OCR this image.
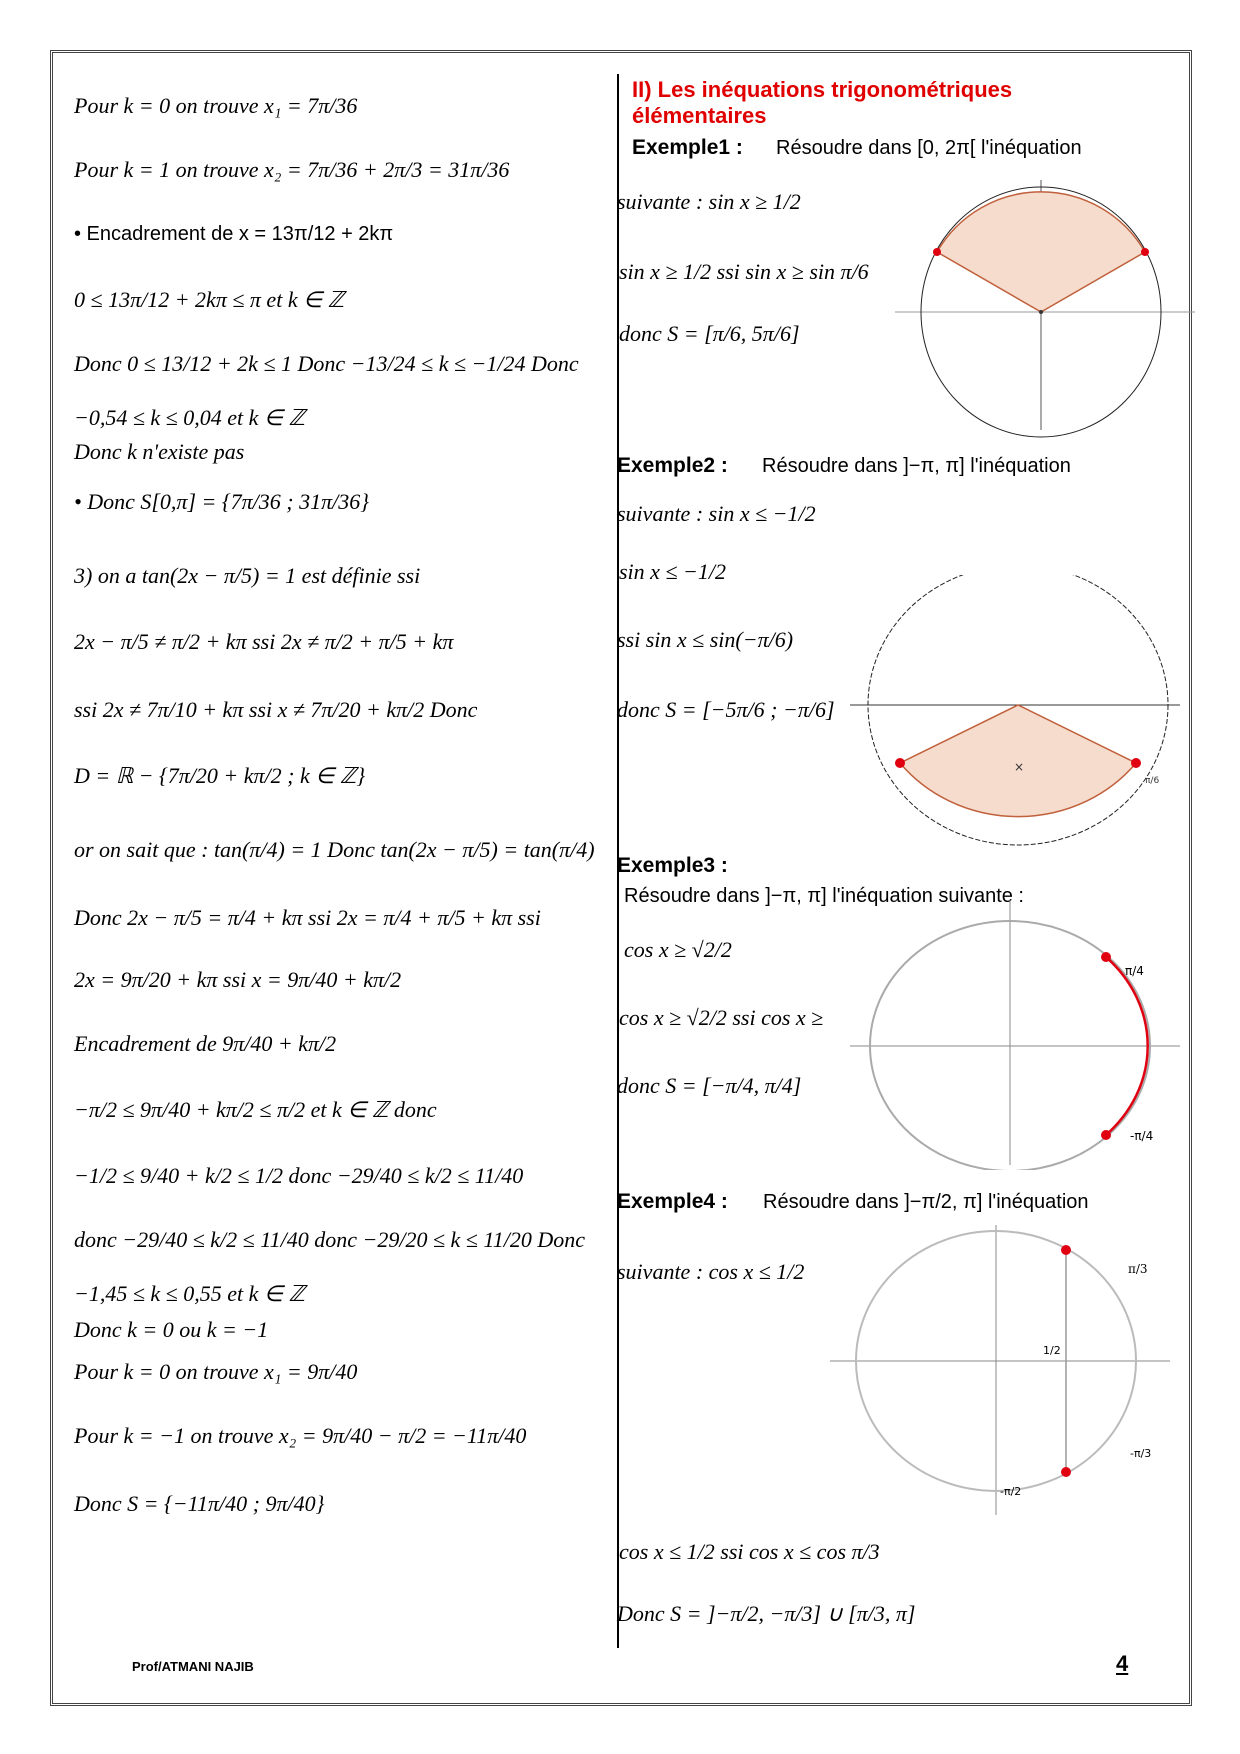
Pour k = 0 on trouve x₁ = 7π/36
Pour k = 1 on trouve x₂ = 7π/36 + 2π/3 = 31π/36
• Encadrement de x = 13π/12 + 2kπ
0 ≤ 13π/12 + 2kπ ≤ π et k ∈ ℤ
Donc 0 ≤ 13/12 + 2k ≤ 1 Donc −13/24 ≤ k ≤ −1/24 Donc
−0,54 ≤ k ≤ 0,04 et k ∈ ℤ
Donc k n'existe pas
• Donc S[0,π] = {7π/36 ; 31π/36}
3) on a tan(2x − π/5) = 1 est définie ssi
2x − π/5 ≠ π/2 + kπ ssi 2x ≠ π/2 + π/5 + kπ
ssi 2x ≠ 7π/10 + kπ ssi x ≠ 7π/20 + kπ/2 Donc
D = ℝ − {7π/20 + kπ/2 ; k ∈ ℤ}
or on sait que : tan(π/4) = 1 Donc tan(2x − π/5) = tan(π/4)
Donc 2x − π/5 = π/4 + kπ ssi 2x = π/4 + π/5 + kπ ssi
2x = 9π/20 + kπ ssi x = 9π/40 + kπ/2
Encadrement de 9π/40 + kπ/2
−π/2 ≤ 9π/40 + kπ/2 ≤ π/2 et k ∈ ℤ donc
−1/2 ≤ 9/40 + k/2 ≤ 1/2 donc −29/40 ≤ k/2 ≤ 11/40
donc −29/40 ≤ k/2 ≤ 11/40 donc −29/20 ≤ k ≤ 11/20 Donc
−1,45 ≤ k ≤ 0,55 et k ∈ ℤ
Donc k = 0 ou k = −1
Pour k = 0 on trouve x₁ = 9π/40
Pour k = −1 on trouve x₂ = 9π/40 − π/2 = −11π/40
Donc S = {−11π/40 ; 9π/40}
II) Les inéquations trigonométriques
élémentaires
Exemple1 : Résoudre dans [0, 2π[ l'inéquation
suivante : sin x ≥ 1/2
sin x ≥ 1/2 ssi sin x ≥ sin π/6
donc S = [π/6, 5π/6]
Exemple2 : Résoudre dans ]−π, π] l'inéquation
suivante : sin x ≤ −1/2
sin x ≤ −1/2
ssi sin x ≤ sin(−π/6)
donc S = [−5π/6 ; −π/6]
Exemple3 :
Résoudre dans ]−π, π] l'inéquation suivante :
cos x ≥ √2/2
cos x ≥ √2/2 ssi cos x ≥
donc S = [−π/4, π/4]
Exemple4 : Résoudre dans ]−π/2, π] l'inéquation
suivante : cos x ≤ 1/2
cos x ≤ 1/2 ssi cos x ≤ cos π/3
Donc S = ]−π/2, −π/3] ∪ [π/3, π]
×
π/6
π/4
-π/4
π/3
1/2
-π/3
-π/2
Prof/ATMANI NAJIB	4
